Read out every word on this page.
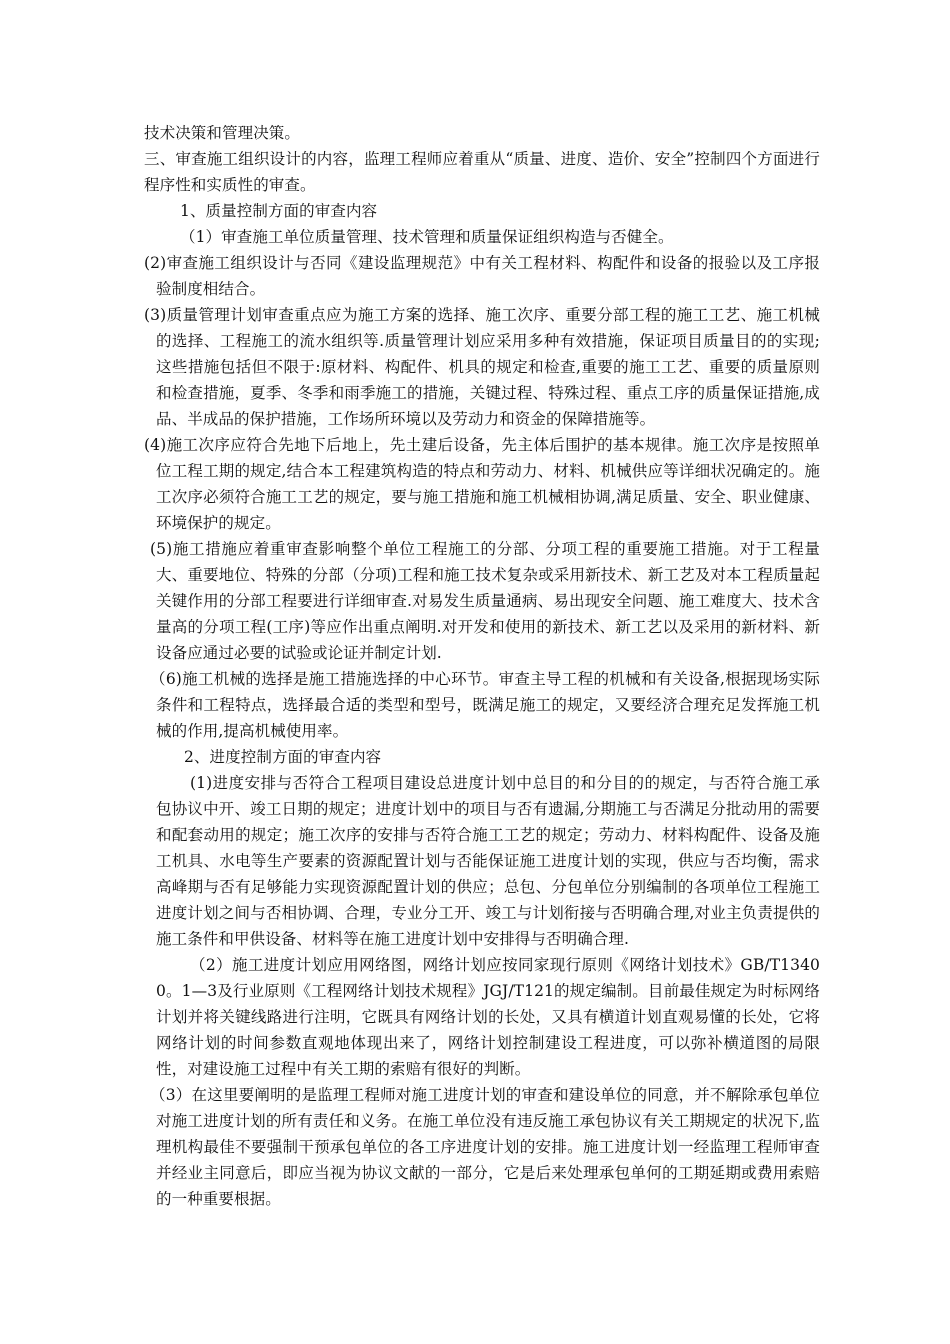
技术决策和管理决策。

三、审查施工组织设计的内容，监理工程师应着重从“质量、进度、造价、安全”控制四个方面进行程序性和实质性的审查。

1、质量控制方面的审查内容

（1）审查施工单位质量管理、技术管理和质量保证组织构造与否健全。

(2)审查施工组织设计与否同《建设监理规范》中有关工程材料、构配件和设备的报验以及工序报验制度相结合。

(3)质量管理计划审查重点应为施工方案的选择、施工次序、重要分部工程的施工工艺、施工机械的选择、工程施工的流水组织等.质量管理计划应采用多种有效措施，保证项目质量目的的实现;这些措施包括但不限于:原材料、构配件、机具的规定和检查,重要的施工工艺、重要的质量原则和检查措施，夏季、冬季和雨季施工的措施，关键过程、特殊过程、重点工序的质量保证措施,成品、半成品的保护措施，工作场所环境以及劳动力和资金的保障措施等。

(4)施工次序应符合先地下后地上，先土建后设备，先主体后围护的基本规律。施工次序是按照单位工程工期的规定,结合本工程建筑构造的特点和劳动力、材料、机械供应等详细状况确定的。施工次序必须符合施工工艺的规定，要与施工措施和施工机械相协调,满足质量、安全、职业健康、环境保护的规定。

(5)施工措施应着重审查影响整个单位工程施工的分部、分项工程的重要施工措施。对于工程量大、重要地位、特殊的分部（分项)工程和施工技术复杂或采用新技术、新工艺及对本工程质量起关键作用的分部工程要进行详细审查.对易发生质量通病、易出现安全问题、施工难度大、技术含量高的分项工程(工序)等应作出重点阐明.对开发和使用的新技术、新工艺以及采用的新材料、新设备应通过必要的试验或论证并制定计划.

（6)施工机械的选择是施工措施选择的中心环节。审查主导工程的机械和有关设备,根据现场实际条件和工程特点，选择最合适的类型和型号，既满足施工的规定，又要经济合理充足发挥施工机械的作用,提高机械使用率。

2、进度控制方面的审查内容

(1)进度安排与否符合工程项目建设总进度计划中总目的和分目的的规定，与否符合施工承包协议中开、竣工日期的规定；进度计划中的项目与否有遗漏,分期施工与否满足分批动用的需要和配套动用的规定；施工次序的安排与否符合施工工艺的规定；劳动力、材料构配件、设备及施工机具、水电等生产要素的资源配置计划与否能保证施工进度计划的实现，供应与否均衡，需求高峰期与否有足够能力实现资源配置计划的供应；总包、分包单位分别编制的各项单位工程施工进度计划之间与否相协调、合理，专业分工开、竣工与计划衔接与否明确合理,对业主负责提供的施工条件和甲供设备、材料等在施工进度计划中安排得与否明确合理.

（2）施工进度计划应用网络图，网络计划应按同家现行原则《网络计划技术》GB/T13400。1—3及行业原则《工程网络计划技术规程》JGJ/T121的规定编制。目前最佳规定为时标网络计划并将关键线路进行注明，它既具有网络计划的长处，又具有横道计划直观易懂的长处，它将网络计划的时间参数直观地体现出来了，网络计划控制建设工程进度，可以弥补横道图的局限性，对建设施工过程中有关工期的索赔有很好的判断。

（3）在这里要阐明的是监理工程师对施工进度计划的审查和建设单位的同意，并不解除承包单位对施工进度计划的所有责任和义务。在施工单位没有违反施工承包协议有关工期规定的状况下,监理机构最佳不要强制干预承包单位的各工序进度计划的安排。施工进度计划一经监理工程师审查并经业主同意后，即应当视为协议文献的一部分，它是后来处理承包单何的工期延期或费用索赔的一种重要根据。
